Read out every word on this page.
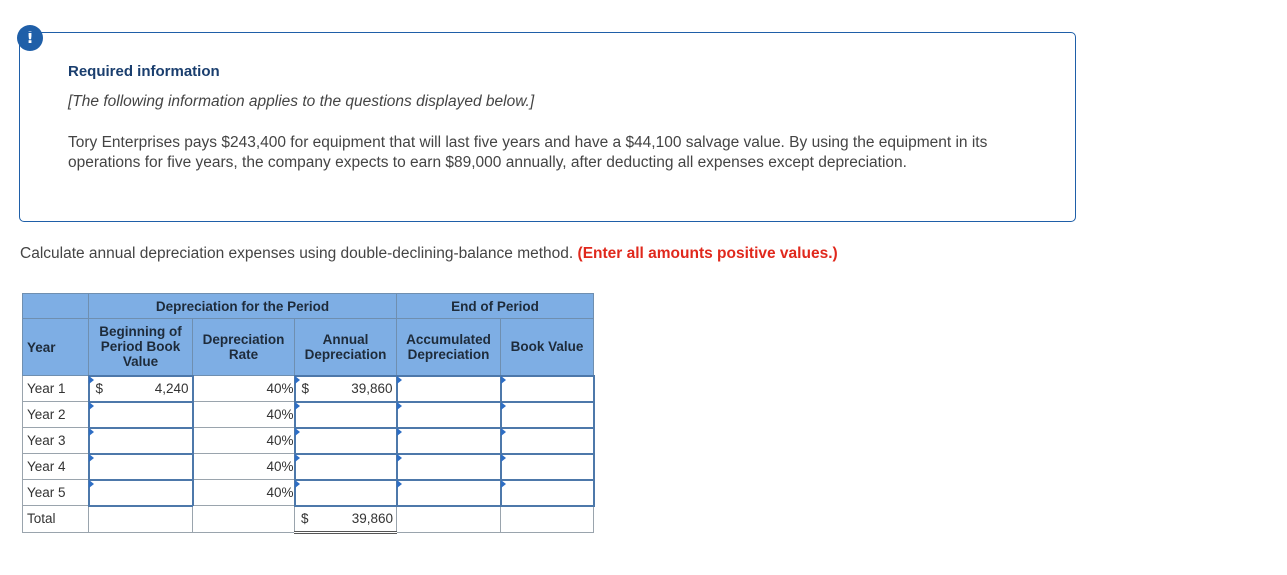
!

Required information

[The following information applies to the questions displayed below.]

Tory Enterprises pays $243,400 for equipment that will last five years and have a $44,100 salvage value. By using the equipment in its operations for five years, the company expects to earn $89,000 annually, after deducting all expenses except depreciation.

Calculate annual depreciation expenses using double-declining-balance method. (Enter all amounts positive values.)
	Depreciation for the Period			End of Period	
Year	Beginning of Period Book Value	Depreciation Rate	Annual Depreciation	Accumulated Depreciation	Book Value
Year 1	$ 4,240	40%	$ 39,860		

Year 2		40%			
Year 3		40%			
Year 4		40%			
Year 5		40%			
Total			$ 39,860		
